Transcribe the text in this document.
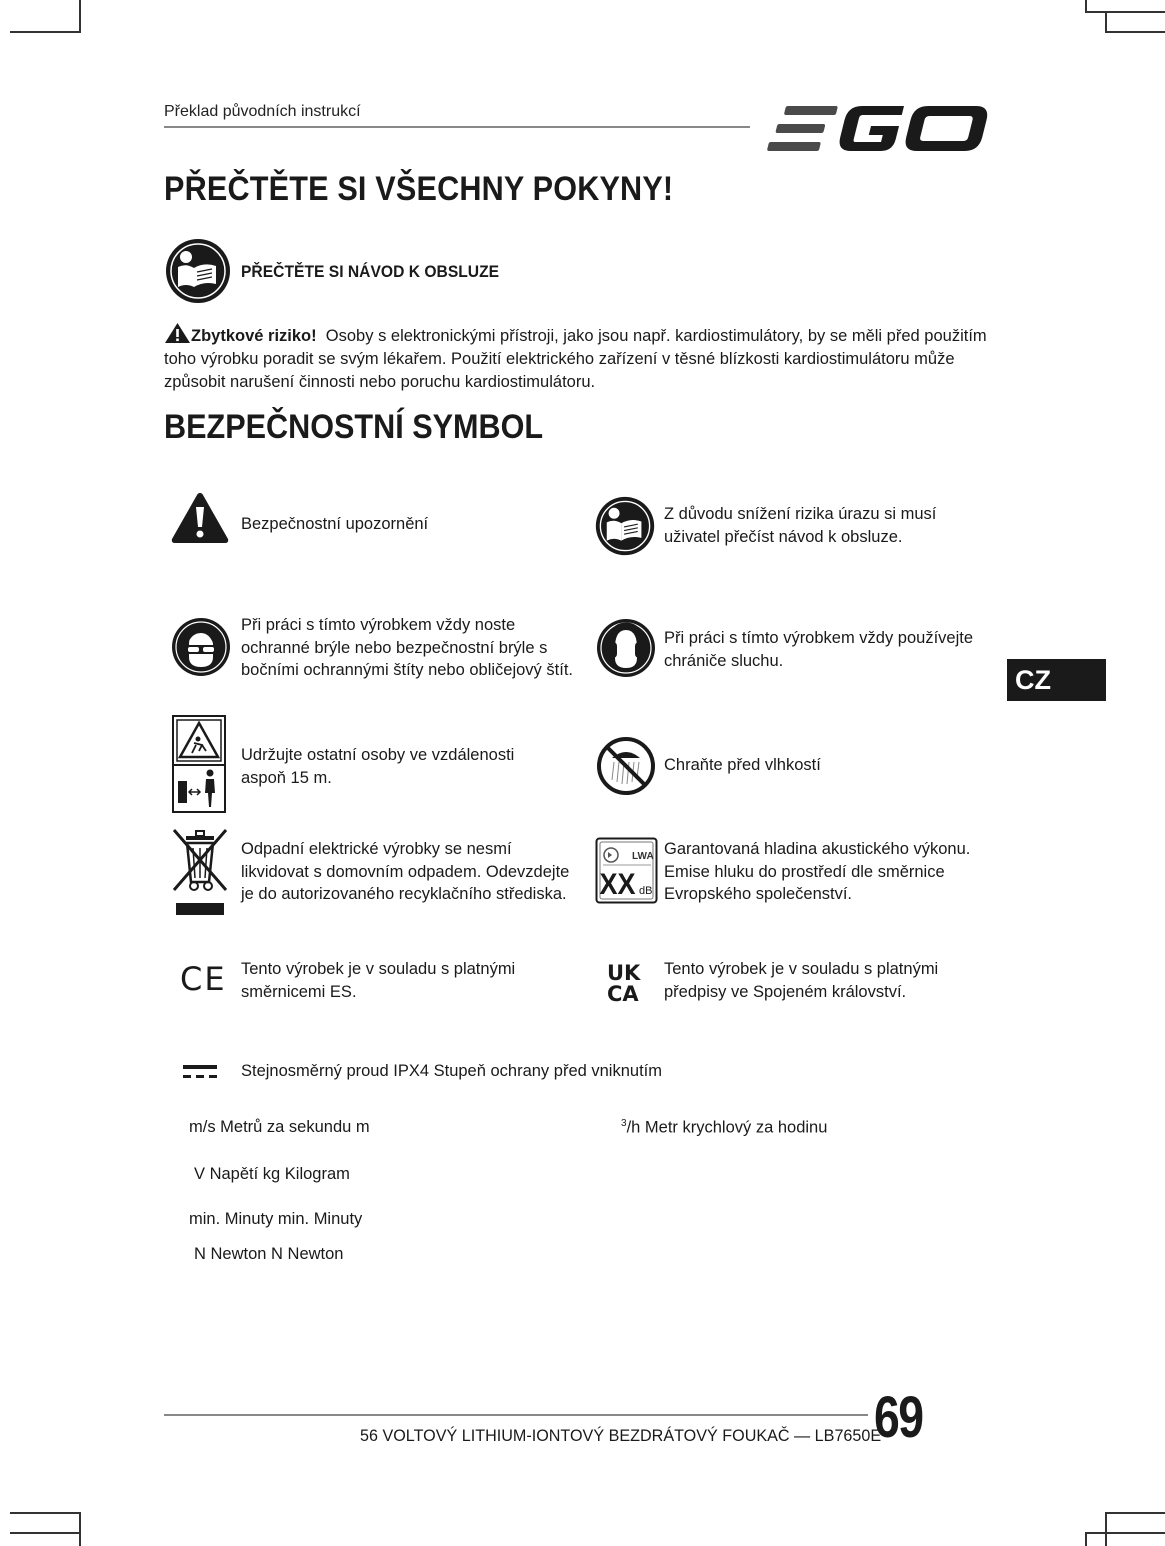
Překlad původních instrukcí
PŘEČTĚTE SI VŠECHNY POKYNY!
PŘEČTĚTE SI NÁVOD K OBSLUZE
Zbytkové riziko! Osoby s elektronickými přístroji, jako jsou např. kardiostimulátory, by se měli před použitím toho výrobku poradit se svým lékařem. Použití elektrického zařízení v těsné blízkosti kardiostimulátoru může způsobit narušení činnosti nebo poruchu kardiostimulátoru.
BEZPEČNOSTNÍ SYMBOL
Bezpečnostní upozornění
Z důvodu snížení rizika úrazu si musí uživatel přečíst návod k obsluze.
Při práci s tímto výrobkem vždy noste ochranné brýle nebo bezpečnostní brýle s bočními ochrannými štíty nebo obličejový štít.
Při práci s tímto výrobkem vždy používejte chrániče sluchu.
Udržujte ostatní osoby ve vzdálenosti aspoň 15 m.
Chraňte před vlhkostí
Odpadní elektrické výrobky se nesmí likvidovat s domovním odpadem. Odevzdejte je do autorizovaného recyklačního střediska.
LWA
XX dB
Garantovaná hladina akustického výkonu. Emise hluku do prostředí dle směrnice Evropského společenství.
CE Tento výrobek je v souladu s platnými směrnicemi ES.
UK
CA
Tento výrobek je v souladu s platnými předpisy ve Spojeném království.
Stejnosměrný proud IPX4 Stupeň ochrany před vniknutím
m/s Metrů za sekundu m	$^3$/h Metr krychlový za hodinu
V Napětí kg Kilogram
min. Minuty min. Minuty
N Newton N Newton
CZ
56 VOLTOVÝ LITHIUM-IONTOVÝ BEZDRÁTOVÝ FOUKAČ — LB7650E
69
